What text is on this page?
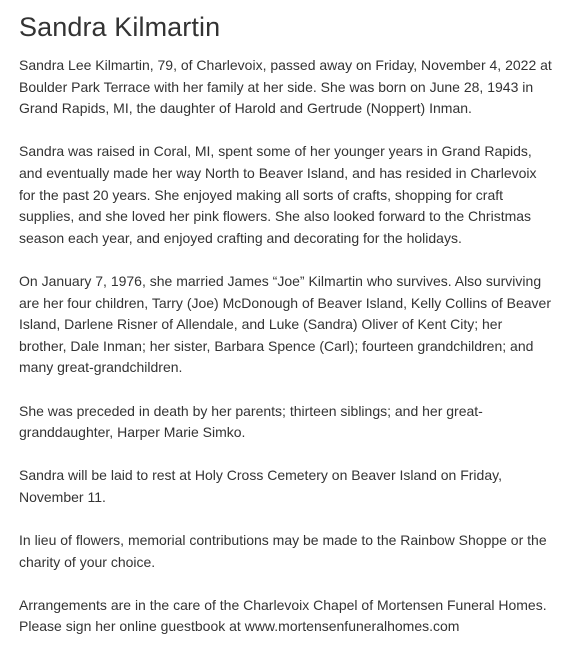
Sandra Kilmartin

Sandra Lee Kilmartin, 79, of Charlevoix, passed away on Friday, November 4, 2022 at Boulder Park Terrace with her family at her side. She was born on June 28, 1943 in Grand Rapids, MI, the daughter of Harold and Gertrude (Noppert) Inman.

Sandra was raised in Coral, MI, spent some of her younger years in Grand Rapids, and eventually made her way North to Beaver Island, and has resided in Charlevoix for the past 20 years. She enjoyed making all sorts of crafts, shopping for craft supplies, and she loved her pink flowers. She also looked forward to the Christmas season each year, and enjoyed crafting and decorating for the holidays.

On January 7, 1976, she married James “Joe” Kilmartin who survives. Also surviving are her four children, Tarry (Joe) McDonough of Beaver Island, Kelly Collins of Beaver Island, Darlene Risner of Allendale, and Luke (Sandra) Oliver of Kent City; her brother, Dale Inman; her sister, Barbara Spence (Carl); fourteen grandchildren; and many great-grandchildren.

She was preceded in death by her parents; thirteen siblings; and her great-granddaughter, Harper Marie Simko.

Sandra will be laid to rest at Holy Cross Cemetery on Beaver Island on Friday, November 11.

In lieu of flowers, memorial contributions may be made to the Rainbow Shoppe or the charity of your choice.

Arrangements are in the care of the Charlevoix Chapel of Mortensen Funeral Homes. Please sign her online guestbook at www.mortensenfuneralhomes.com
